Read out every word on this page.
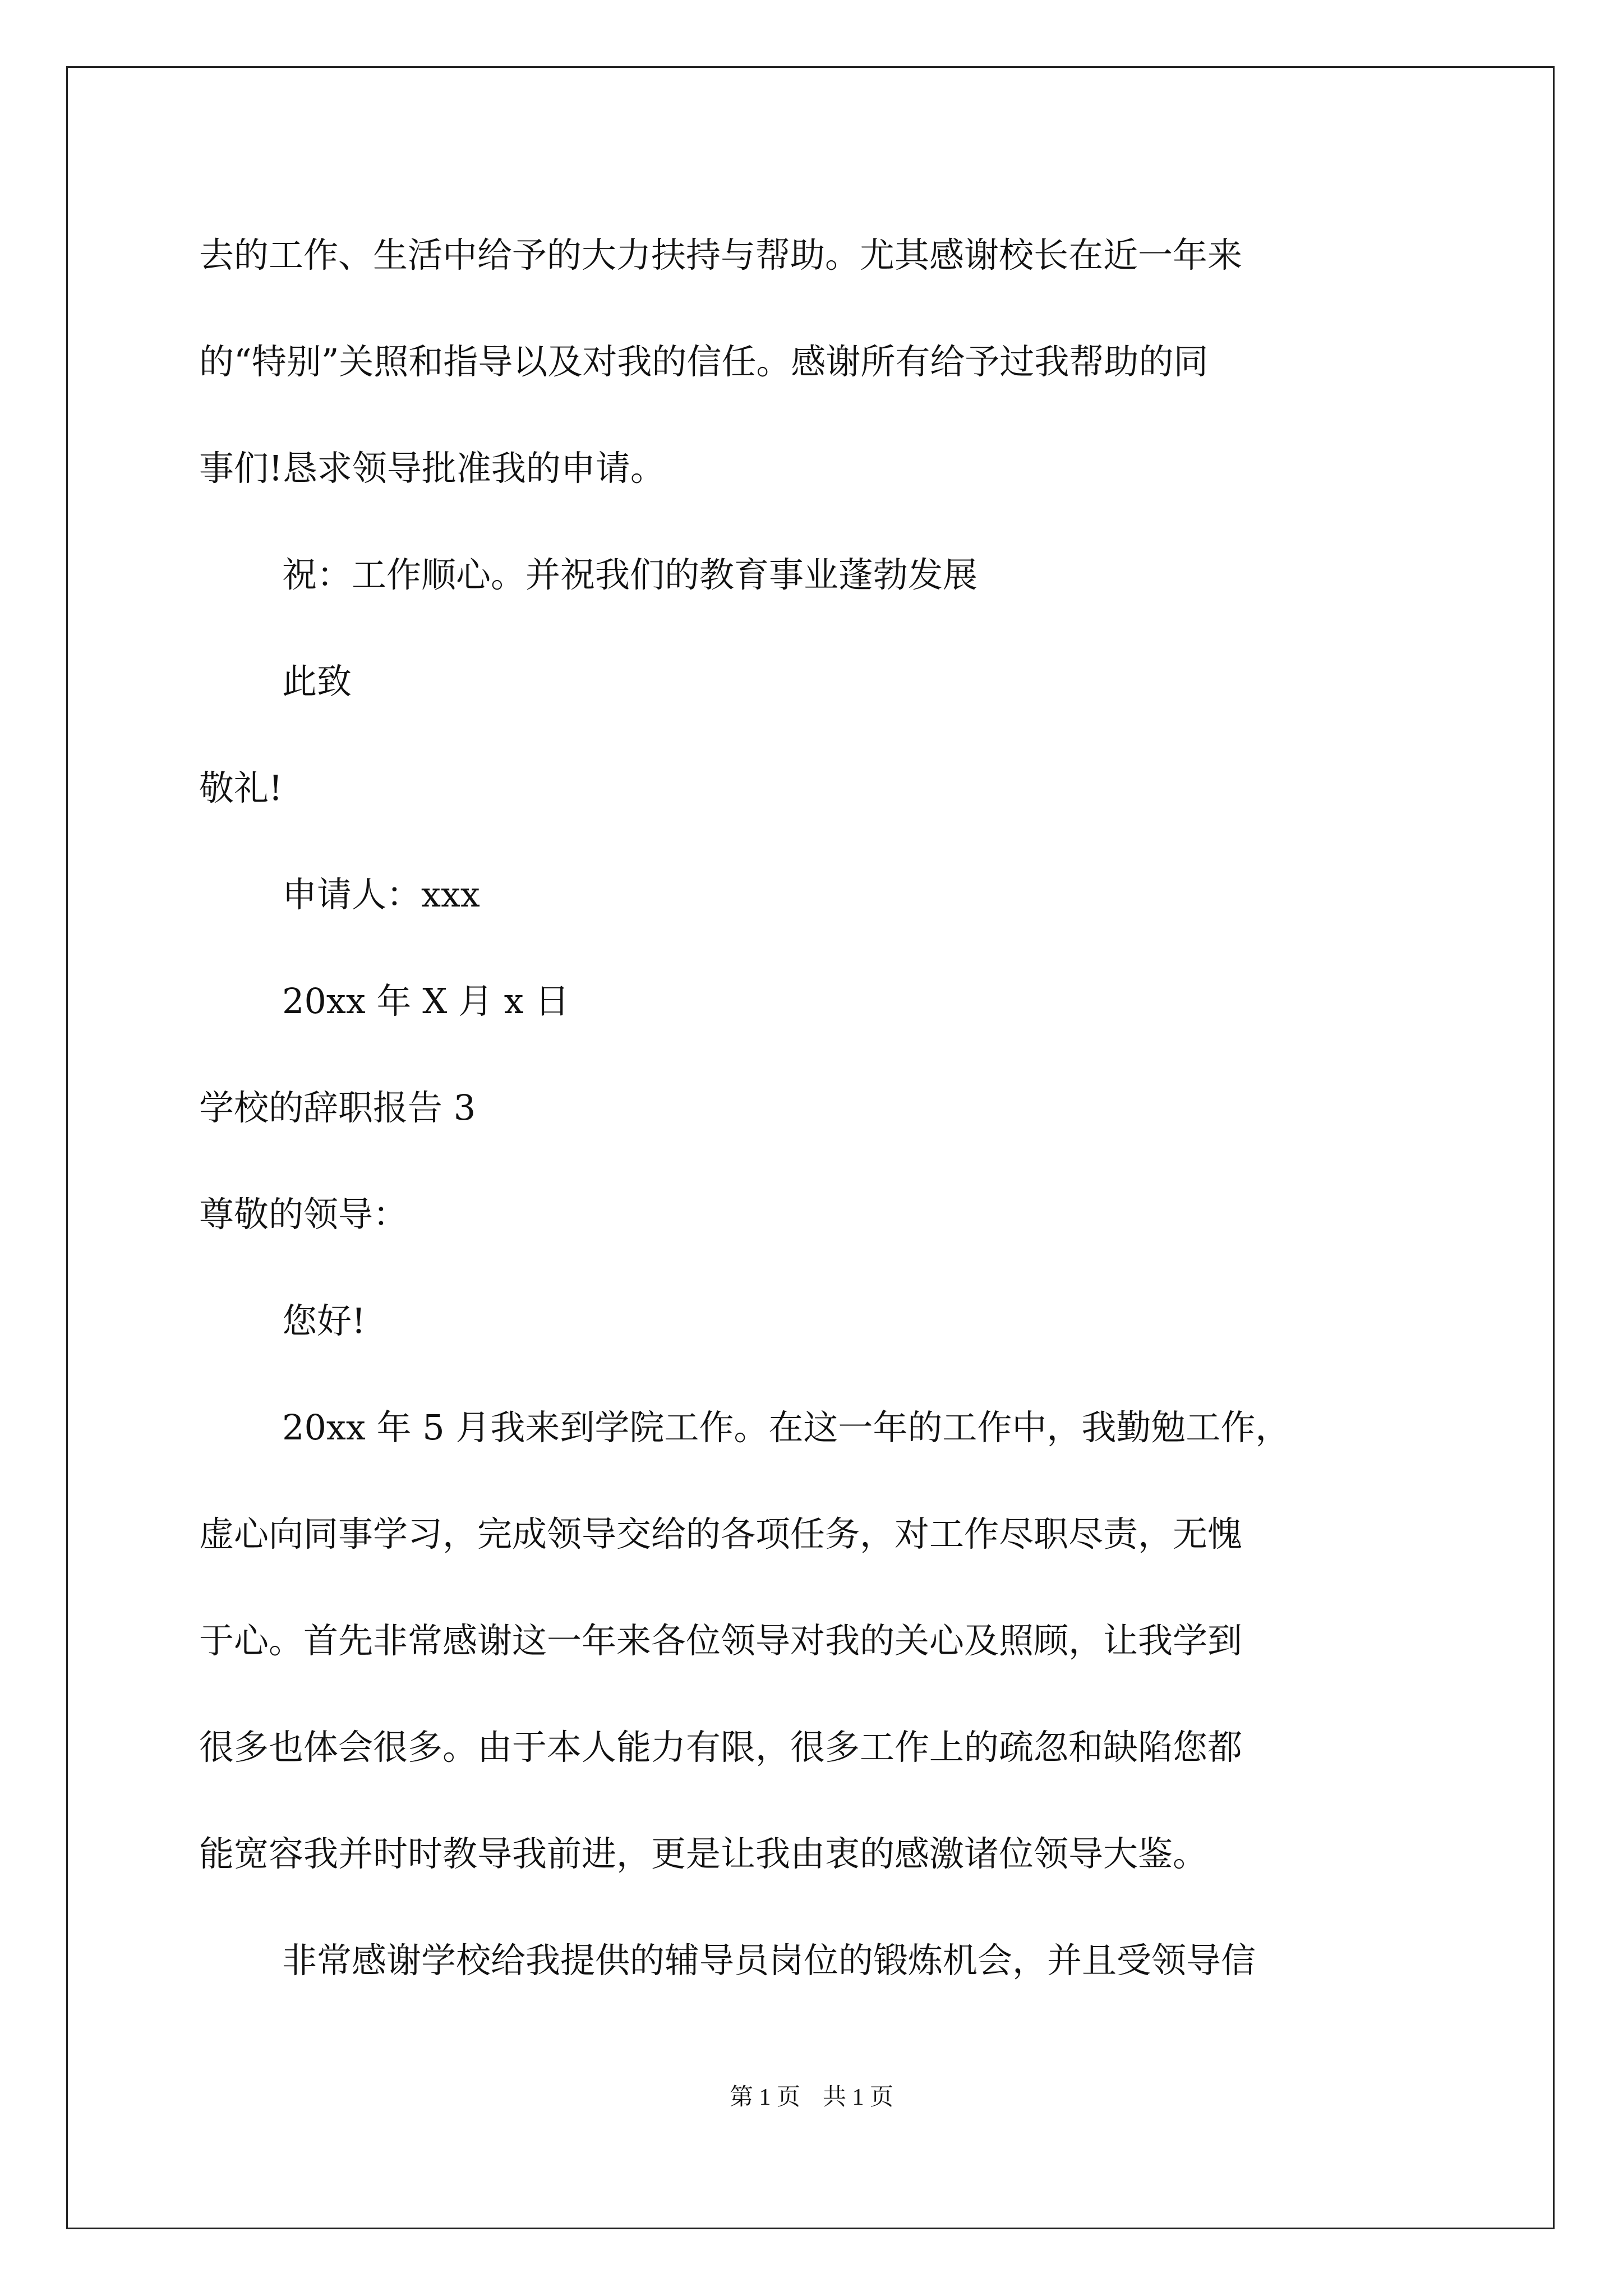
去的工作、生活中给予的大力扶持与帮助。尤其感谢校长在近一年来

的“特别”关照和指导以及对我的信任。感谢所有给予过我帮助的同

事们!恳求领导批准我的申请。

祝：工作顺心。并祝我们的教育事业蓬勃发展

此致

敬礼!

申请人：xxx

20xx 年 X 月 x 日

学校的辞职报告 3

尊敬的领导：

您好!

20xx 年 5 月我来到学院工作。在这一年的工作中，我勤勉工作，

虚心向同事学习，完成领导交给的各项任务，对工作尽职尽责，无愧

于心。首先非常感谢这一年来各位领导对我的关心及照顾，让我学到

很多也体会很多。由于本人能力有限，很多工作上的疏忽和缺陷您都

能宽容我并时时教导我前进，更是让我由衷的感激诸位领导大鉴。

非常感谢学校给我提供的辅导员岗位的锻炼机会，并且受领导信

第 1 页 共 1 页
